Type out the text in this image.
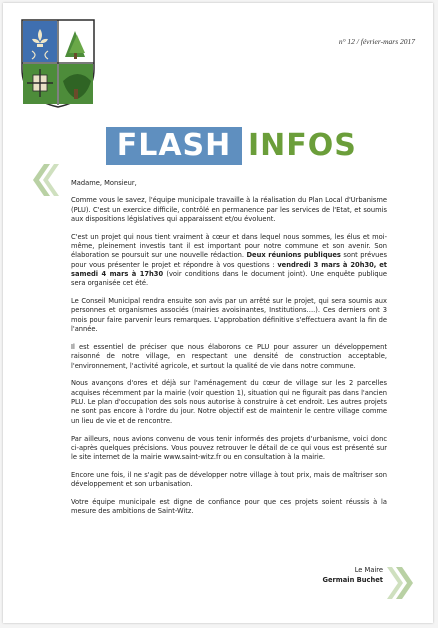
n° 12 / février-mars 2017
FLASH INFOS

Madame, Monsieur,

Comme vous le savez, l'équipe municipale travaille à la réalisation du Plan Local d'Urbanisme (PLU). C'est un exercice difficile, contrôlé en permanence par les services de l'Etat, et soumis aux dispositions législatives qui apparaissent et/ou évoluent.

C'est un projet qui nous tient vraiment à cœur et dans lequel nous sommes, les élus et moi-même, pleinement investis tant il est important pour notre commune et son avenir. Son élaboration se poursuit sur une nouvelle rédaction. Deux réunions publiques sont prévues pour vous présenter le projet et répondre à vos questions : vendredi 3 mars à 20h30, et samedi 4 mars à 17h30 (voir conditions dans le document joint). Une enquête publique sera organisée cet été.

Le Conseil Municipal rendra ensuite son avis par un arrêté sur le projet, qui sera soumis aux personnes et organismes associés (mairies avoisinantes, Institutions….). Ces derniers ont 3 mois pour faire parvenir leurs remarques. L'approbation définitive s'effectuera avant la fin de l'année.

Il est essentiel de préciser que nous élaborons ce PLU pour assurer un développement raisonné de notre village, en respectant une densité de construction acceptable, l'environnement, l'activité agricole, et surtout la qualité de vie dans notre commune.

Nous avançons d'ores et déjà sur l'aménagement du cœur de village sur les 2 parcelles acquises récemment par la mairie (voir question 1), situation qui ne figurait pas dans l'ancien PLU. Le plan d'occupation des sols nous autorise à construire à cet endroit. Les autres projets ne sont pas encore à l'ordre du jour. Notre objectif est de maintenir le centre village comme un lieu de vie et de rencontre.

Par ailleurs, nous avions convenu de vous tenir informés des projets d'urbanisme, voici donc ci-après quelques précisions. Vous pouvez retrouver le détail de ce qui vous est présenté sur le site internet de la mairie www.saint-witz.fr ou en consultation à la mairie.

Encore une fois, il ne s'agit pas de développer notre village à tout prix, mais de maîtriser son développement et son urbanisation.

Votre équipe municipale est digne de confiance pour que ces projets soient réussis à la mesure des ambitions de Saint-Witz.

Le Maire
Germain Buchet
